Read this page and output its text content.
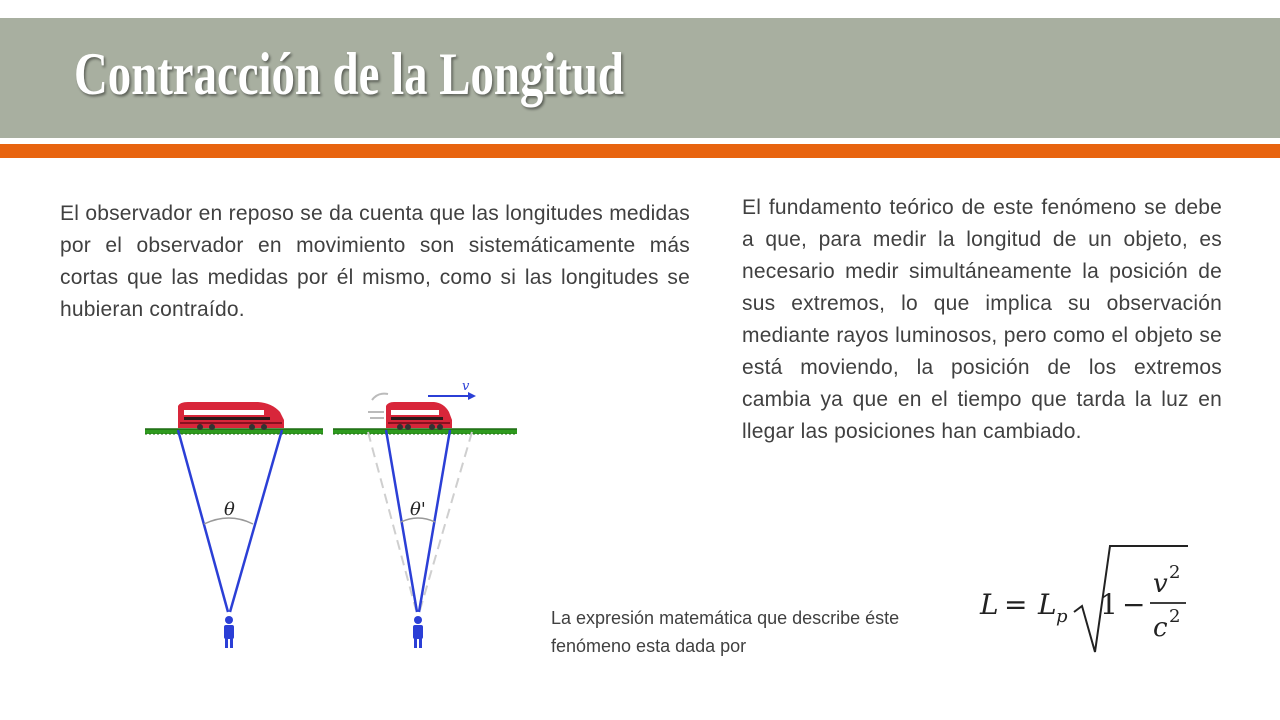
Contracción de la Longitud

El observador en reposo se da cuenta que las longitudes medidas por el observador en movimiento son sistemáticamente más cortas que las medidas por él mismo, como si las longitudes se hubieran contraído.

El fundamento teórico de este fenómeno se debe a que, para medir la longitud de un objeto, es necesario medir simultáneamente la posición de sus extremos, lo que implica su observación mediante rayos luminosos, pero como el objeto se está moviendo, la posición de los extremos cambia ya que en el tiempo que tarda la luz en llegar las posiciones han cambiado.

θ
v
θ'

La expresión matemática que describe éste fenómeno esta dada por

L = L p 1 −
v 2
c 2
